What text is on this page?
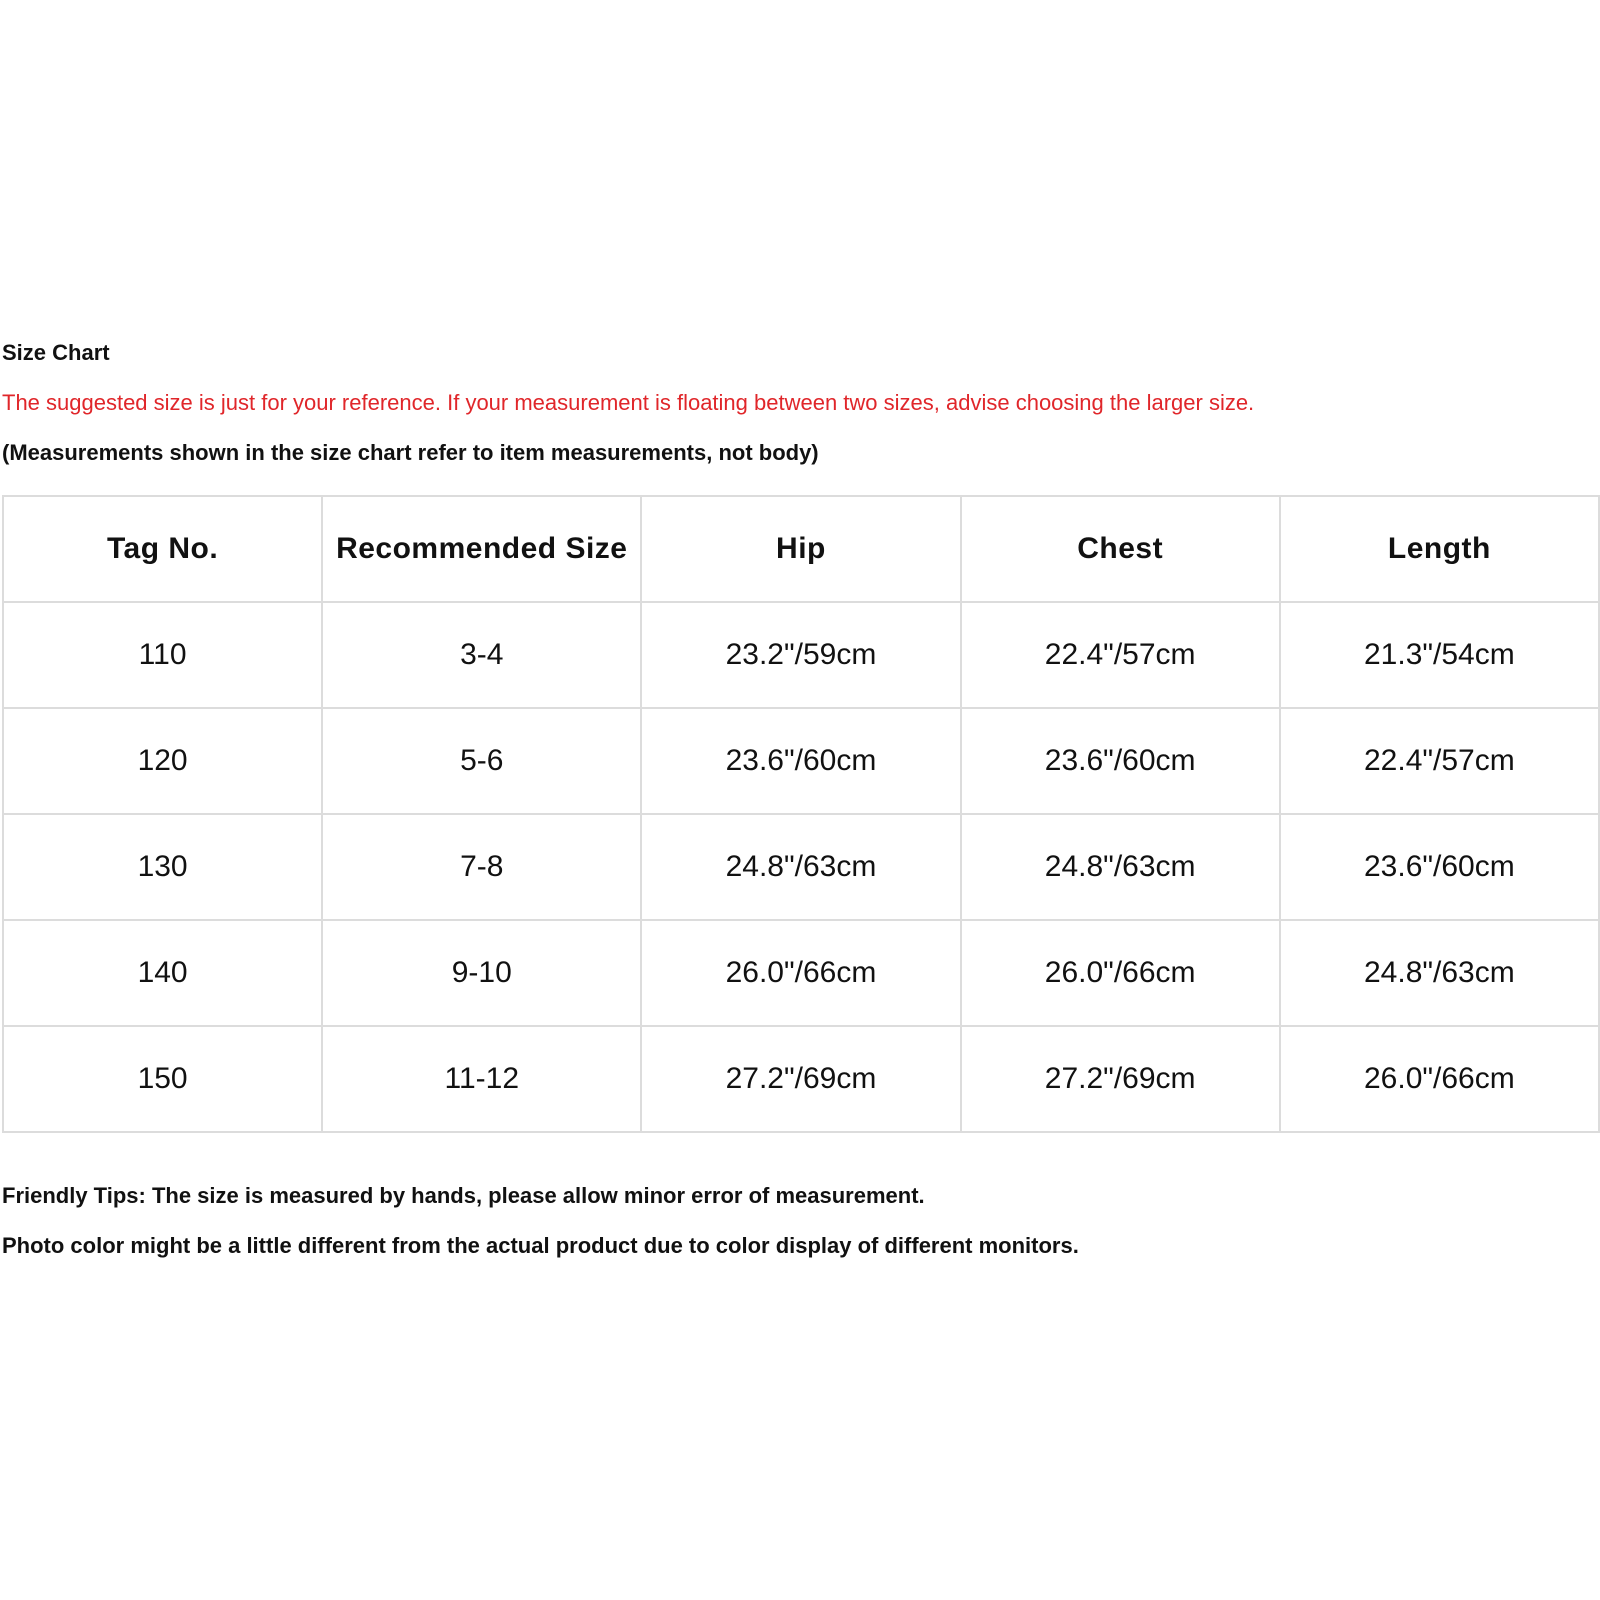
Size Chart
The suggested size is just for your reference. If your measurement is floating between two sizes, advise choosing the larger size.
(Measurements shown in the size chart refer to item measurements, not body)
Tag No.	Recommended Size	Hip	Chest	Length
110	3-4	23.2"/59cm	22.4"/57cm	21.3"/54cm
120	5-6	23.6"/60cm	23.6"/60cm	22.4"/57cm
130	7-8	24.8"/63cm	24.8"/63cm	23.6"/60cm
140	9-10	26.0"/66cm	26.0"/66cm	24.8"/63cm
150	11-12	27.2"/69cm	27.2"/69cm	26.0"/66cm
Friendly Tips: The size is measured by hands, please allow minor error of measurement.
Photo color might be a little different from the actual product due to color display of different monitors.
